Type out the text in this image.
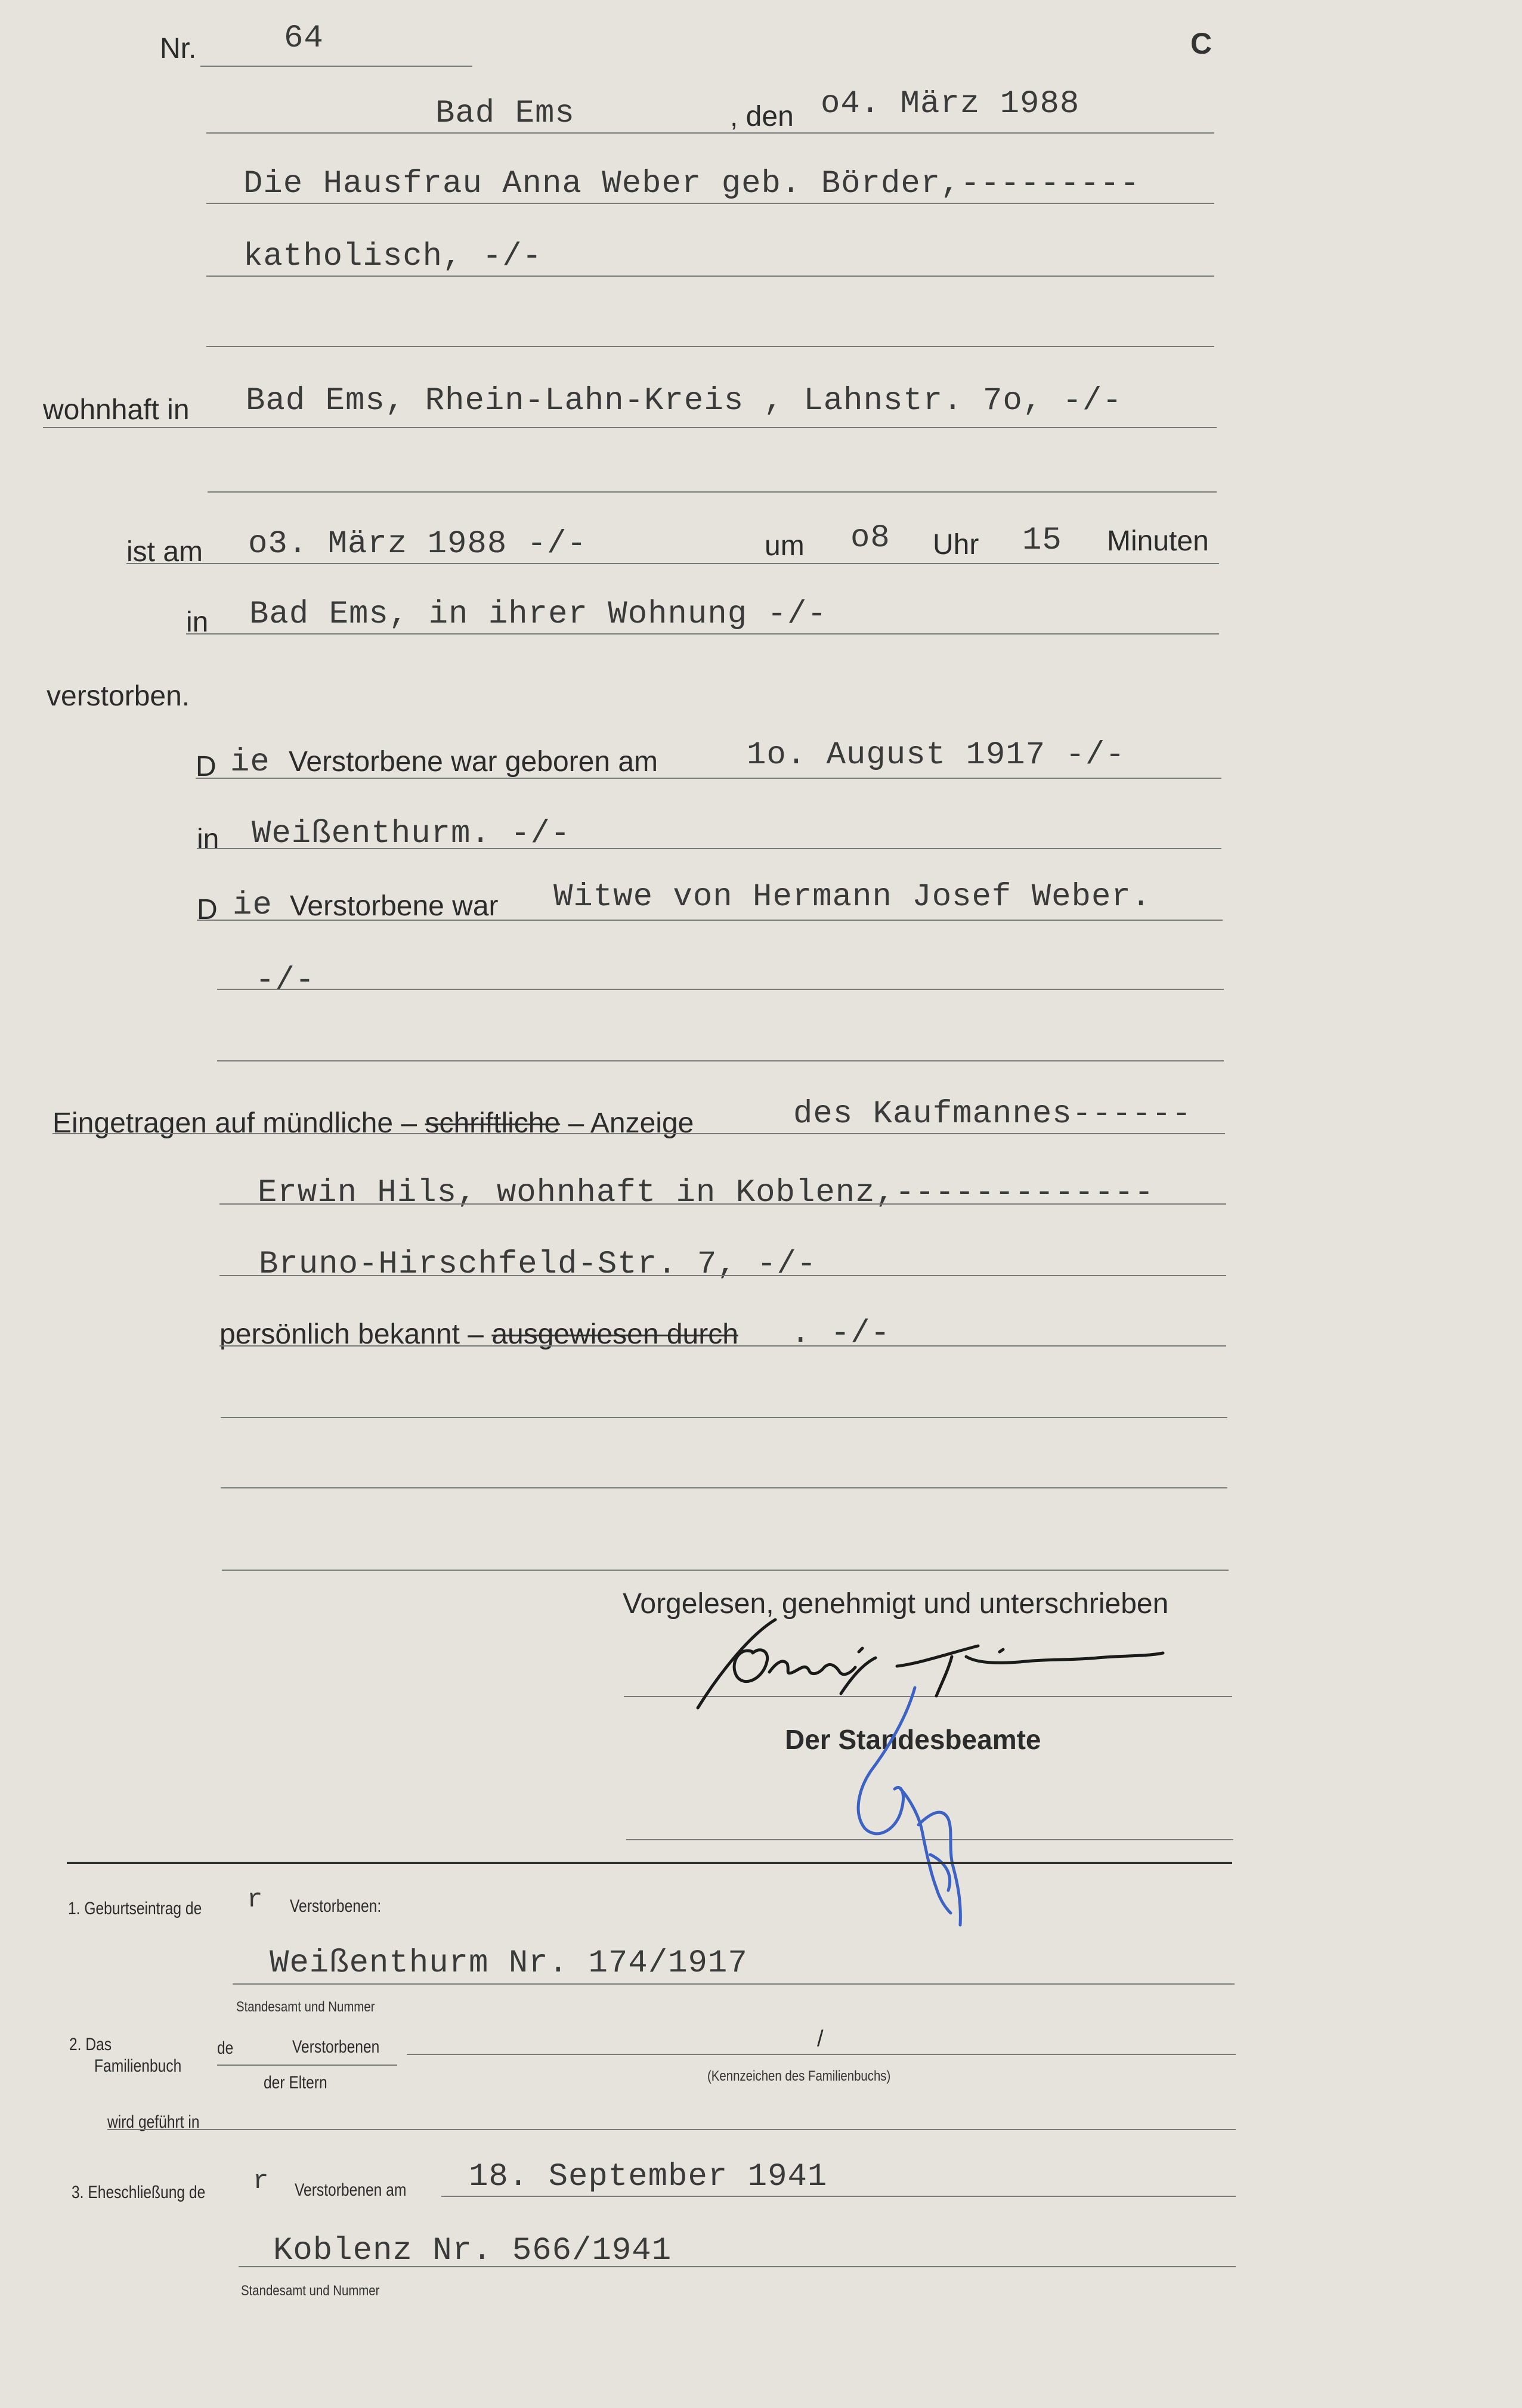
Nr.	64	C
Bad Ems	, den o4. März 1988
Die Hausfrau Anna Weber geb. Börder,---------
katholisch, -/-
wohnhaft in Bad Ems, Rhein-Lahn-Kreis , Lahnstr. 7o, -/-
ist am o3. März 1988 -/-	um o8 Uhr 15 Minuten
in Bad Ems, in ihrer Wohnung -/-
verstorben.
D ie Verstorbene war geboren am	1o. August 1917 -/-
in Weißenthurm. -/-
D ie Verstorbene war Witwe von Hermann Josef Weber.
-/-
Eingetragen auf mündliche – schriftliche – Anzeige	des Kaufmannes------
Erwin Hils, wohnhaft in Koblenz,-------------
Bruno-Hirschfeld-Str. 7, -/-
persönlich bekannt – ausgewiesen durch . -/-
Vorgelesen, genehmigt und unterschrieben
Der Standesbeamte
1. Geburtseintrag de r Verstorbenen:
Weißenthurm Nr. 174/1917
Standesamt und Nummer
2. Das
Familienbuch
de	Verstorbenen
der Eltern
/
(Kennzeichen des Familienbuchs)
wird geführt in
3. Eheschließung de r Verstorbenen am 18. September 1941
Koblenz Nr. 566/1941
Standesamt und Nummer
